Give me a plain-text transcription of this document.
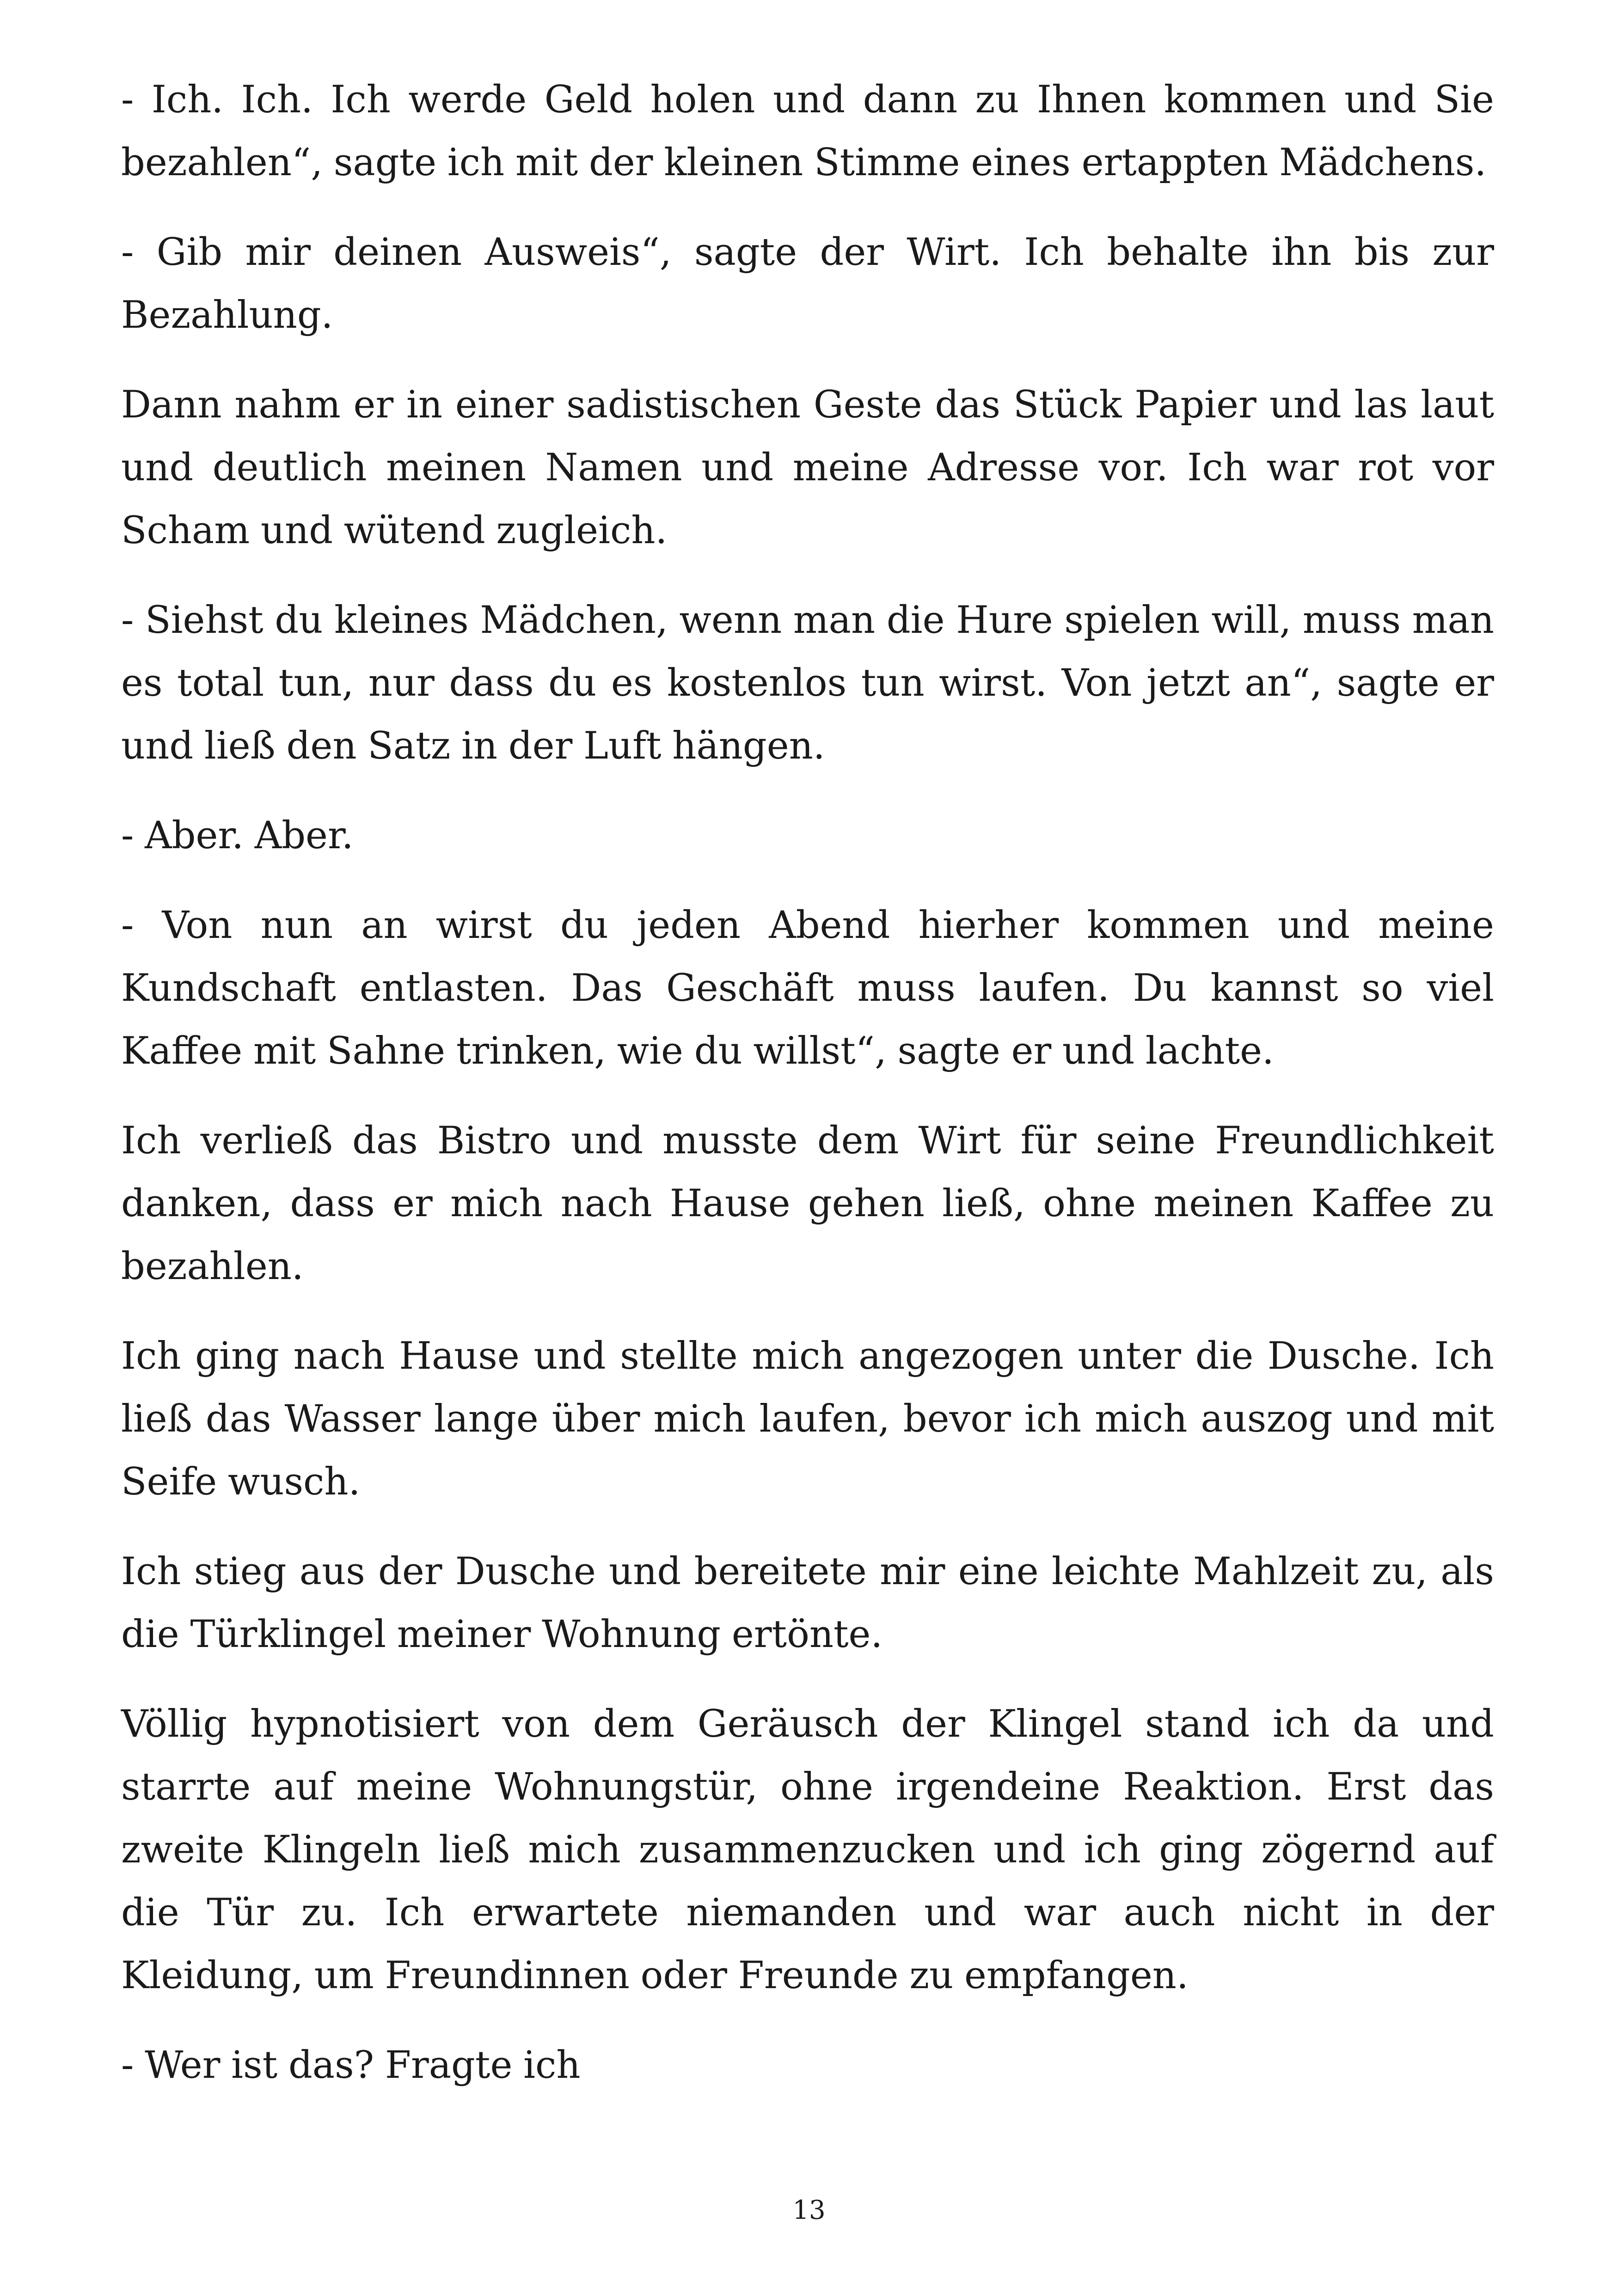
- Ich. Ich. Ich werde Geld holen und dann zu Ihnen kommen und Sie bezahlen“, sagte ich mit der kleinen Stimme eines ertappten Mädchens.

- Gib mir deinen Ausweis“, sagte der Wirt. Ich behalte ihn bis zur Bezahlung.

Dann nahm er in einer sadistischen Geste das Stück Papier und las laut und deutlich meinen Namen und meine Adresse vor. Ich war rot vor Scham und wütend zugleich.

- Siehst du kleines Mädchen, wenn man die Hure spielen will, muss man es total tun, nur dass du es kostenlos tun wirst. Von jetzt an“, sagte er und ließ den Satz in der Luft hängen.

- Aber. Aber.

- Von nun an wirst du jeden Abend hierher kommen und meine Kundschaft entlasten. Das Geschäft muss laufen. Du kannst so viel Kaffee mit Sahne trinken, wie du willst“, sagte er und lachte.

Ich verließ das Bistro und musste dem Wirt für seine Freundlichkeit danken, dass er mich nach Hause gehen ließ, ohne meinen Kaffee zu bezahlen.

Ich ging nach Hause und stellte mich angezogen unter die Dusche. Ich ließ das Wasser lange über mich laufen, bevor ich mich auszog und mit Seife wusch.

Ich stieg aus der Dusche und bereitete mir eine leichte Mahlzeit zu, als die Türklingel meiner Wohnung ertönte.

Völlig hypnotisiert von dem Geräusch der Klingel stand ich da und starrte auf meine Wohnungstür, ohne irgendeine Reaktion. Erst das zweite Klingeln ließ mich zusammenzucken und ich ging zögernd auf die Tür zu. Ich erwartete niemanden und war auch nicht in der Kleidung, um Freundinnen oder Freunde zu empfangen.

- Wer ist das? Fragte ich

13
